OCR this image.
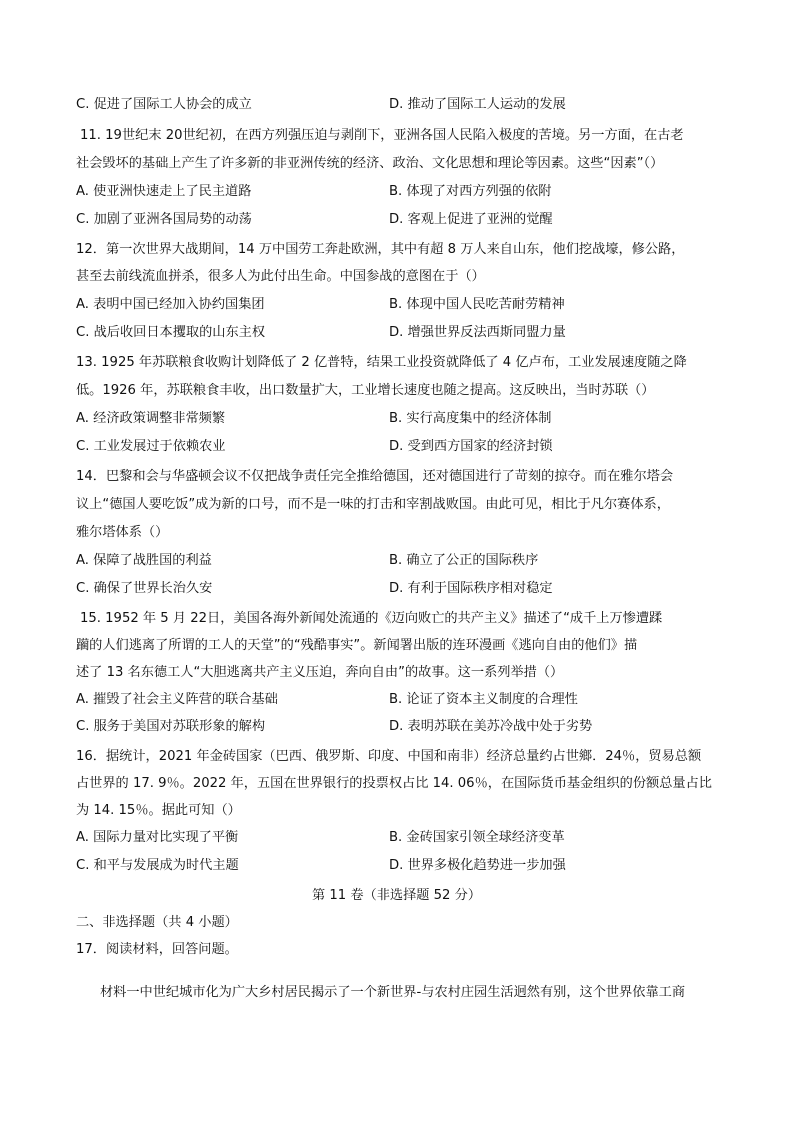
C. 促进了国际工人协会的成立	D. 推动了国际工人运动的发展
11. 19世纪末 20世纪初，在西方列强压迫与剥削下，亚洲各国人民陷入极度的苦境。另一方面，在古老
社会毁坏的基础上产生了许多新的非亚洲传统的经济、政治、文化思想和理论等因素。这些“因素”（）
A. 使亚洲快速走上了民主道路	B. 体现了对西方列强的依附
C. 加剧了亚洲各国局势的动荡	D. 客观上促进了亚洲的觉醒
12．第一次世界大战期间，14 万中国劳工奔赴欧洲，其中有超 8 万人来自山东，他们挖战壕，修公路，
甚至去前线流血拼杀，很多人为此付出生命。中国参战的意图在于（）
A. 表明中国已经加入协约国集团	B. 体现中国人民吃苦耐劳精神
C. 战后收回日本攫取的山东主权	D. 增强世界反法西斯同盟力量
13. 1925 年苏联粮食收购计划降低了 2 亿普特，结果工业投资就降低了 4 亿卢布，工业发展速度随之降
低。1926 年，苏联粮食丰收，出口数量扩大，工业增长速度也随之提高。这反映出，当时苏联（）
A. 经济政策调整非常频繁	B. 实行高度集中的经济体制
C. 工业发展过于依赖农业	D. 受到西方国家的经济封锁
14．巴黎和会与华盛顿会议不仅把战争责任完全推给德国，还对德国进行了苛刻的掠夺。而在雅尔塔会
议上“德国人要吃饭”成为新的口号，而不是一味的打击和宰割战败国。由此可见，相比于凡尔赛体系，
雅尔塔体系（）
A. 保障了战胜国的利益	B. 确立了公正的国际秩序
C. 确保了世界长治久安	D. 有利于国际秩序相对稳定
15. 1952 年 5 月 22日，美国各海外新闻处流通的《迈向败亡的共产主义》描述了“成千上万惨遭蹂
躏的人们逃离了所谓的工人的天堂”的“残酷事实”。新闻署出版的连环漫画《逃向自由的他们》描
述了 13 名东德工人“大胆逃离共产主义压迫，奔向自由”的故事。这一系列举措（）
A. 摧毁了社会主义阵营的联合基础	B. 论证了资本主义制度的合理性
C. 服务于美国对苏联形象的解构	D. 表明苏联在美苏冷战中处于劣势
16．据统计，2021 年金砖国家（巴西、俄罗斯、印度、中国和南非）经济总量约占世鄉．24％，贸易总额
占世界的 17. 9％。2022 年，五国在世界银行的投票权占比 14. 06％，在国际货币基金组织的份额总量占比
为 14. 15％。据此可知（）
A. 国际力量对比实现了平衡	B. 金砖国家引领全球经济变革
C. 和平与发展成为时代主题	D. 世界多极化趋势进一步加强
第 11 卷（非选择题 52 分）
二、非选择题（共 4 小题）
17．阅读材料，回答问题。
材料一中世纪城市化为广大乡村居民揭示了一个新世界-与农村庄园生活迥然有别，这个世界依靠工商
